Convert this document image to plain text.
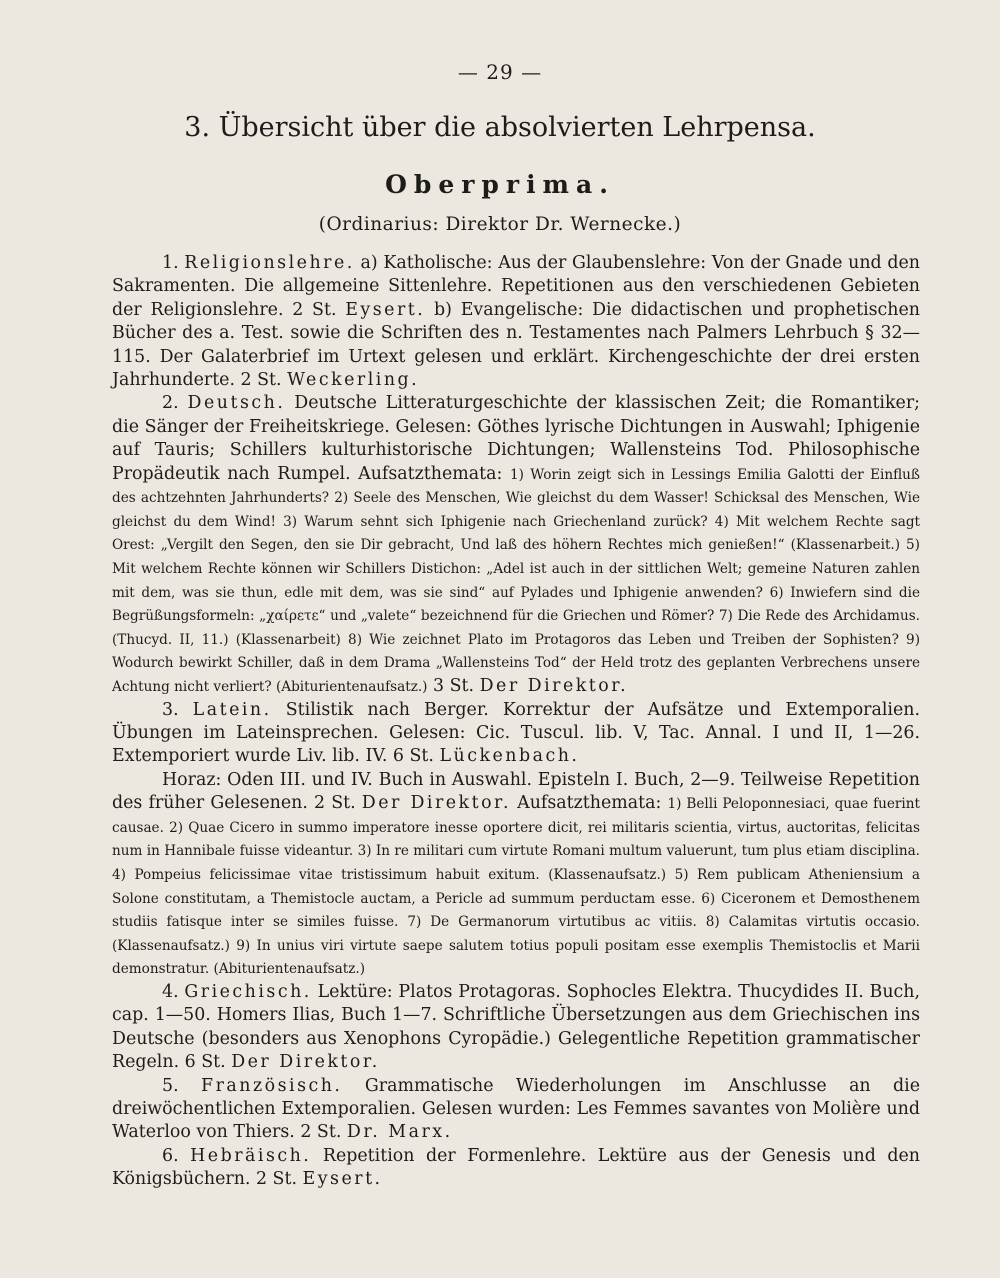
— 29 —
3. Übersicht über die absolvierten Lehrpensa.
Oberprima.
(Ordinarius: Direktor Dr. Wernecke.)

1. Religionslehre. a) Katholische: Aus der Glaubenslehre: Von der Gnade und den Sakramenten. Die allgemeine Sittenlehre. Repetitionen aus den verschiedenen Gebieten der Religionslehre. 2 St. Eysert. b) Evangelische: Die didactischen und prophetischen Bücher des a. Test. sowie die Schriften des n. Testamentes nach Palmers Lehrbuch § 32—115. Der Galaterbrief im Urtext gelesen und erklärt. Kirchengeschichte der drei ersten Jahrhunderte. 2 St. Weckerling.

2. Deutsch. Deutsche Litteraturgeschichte der klassischen Zeit; die Romantiker; die Sänger der Freiheitskriege. Gelesen: Göthes lyrische Dichtungen in Auswahl; Iphigenie auf Tauris; Schillers kulturhistorische Dichtungen; Wallensteins Tod. Philosophische Propädeutik nach Rumpel. Aufsatzthemata: 1) Worin zeigt sich in Lessings Emilia Galotti der Einfluß des achtzehnten Jahrhunderts? 2) Seele des Menschen, Wie gleichst du dem Wasser! Schicksal des Menschen, Wie gleichst du dem Wind! 3) Warum sehnt sich Iphigenie nach Griechenland zurück? 4) Mit welchem Rechte sagt Orest: „Vergilt den Segen, den sie Dir gebracht, Und laß des höhern Rechtes mich genießen!“ (Klassenarbeit.) 5) Mit welchem Rechte können wir Schillers Distichon: „Adel ist auch in der sittlichen Welt; gemeine Naturen zahlen mit dem, was sie thun, edle mit dem, was sie sind“ auf Pylades und Iphigenie anwenden? 6) Inwiefern sind die Begrüßungsformeln: „χαίρετε“ und „valete“ bezeichnend für die Griechen und Römer? 7) Die Rede des Archidamus. (Thucyd. II, 11.) (Klassenarbeit) 8) Wie zeichnet Plato im Protagoros das Leben und Treiben der Sophisten? 9) Wodurch bewirkt Schiller, daß in dem Drama „Wallensteins Tod“ der Held trotz des geplanten Verbrechens unsere Achtung nicht verliert? (Abiturientenaufsatz.) 3 St. Der Direktor.

3. Latein. Stilistik nach Berger. Korrektur der Aufsätze und Extemporalien. Übungen im Lateinsprechen. Gelesen: Cic. Tuscul. lib. V, Tac. Annal. I und II, 1—26. Extemporiert wurde Liv. lib. IV. 6 St. Lückenbach.

Horaz: Oden III. und IV. Buch in Auswahl. Episteln I. Buch, 2—9. Teilweise Repetition des früher Gelesenen. 2 St. Der Direktor. Aufsatzthemata: 1) Belli Peloponnesiaci, quae fuerint causae. 2) Quae Cicero in summo imperatore inesse oportere dicit, rei militaris scientia, virtus, auctoritas, felicitas num in Hannibale fuisse videantur. 3) In re militari cum virtute Romani multum valuerunt, tum plus etiam disciplina. 4) Pompeius felicissimae vitae tristissimum habuit exitum. (Klassenaufsatz.) 5) Rem publicam Atheniensium a Solone constitutam, a Themistocle auctam, a Pericle ad summum perductam esse. 6) Ciceronem et Demosthenem studiis fatisque inter se similes fuisse. 7) De Germanorum virtutibus ac vitiis. 8) Calamitas virtutis occasio. (Klassenaufsatz.) 9) In unius viri virtute saepe salutem totius populi positam esse exemplis Themistoclis et Marii demonstratur. (Abiturientenaufsatz.)

4. Griechisch. Lektüre: Platos Protagoras. Sophocles Elektra. Thucydides II. Buch, cap. 1—50. Homers Ilias, Buch 1—7. Schriftliche Übersetzungen aus dem Griechischen ins Deutsche (besonders aus Xenophons Cyropädie.) Gelegentliche Repetition grammatischer Regeln. 6 St. Der Direktor.

5. Französisch. Grammatische Wiederholungen im Anschlusse an die dreiwöchentlichen Extemporalien. Gelesen wurden: Les Femmes savantes von Molière und Waterloo von Thiers. 2 St. Dr. Marx.

6. Hebräisch. Repetition der Formenlehre. Lektüre aus der Genesis und den Königsbüchern. 2 St. Eysert.
